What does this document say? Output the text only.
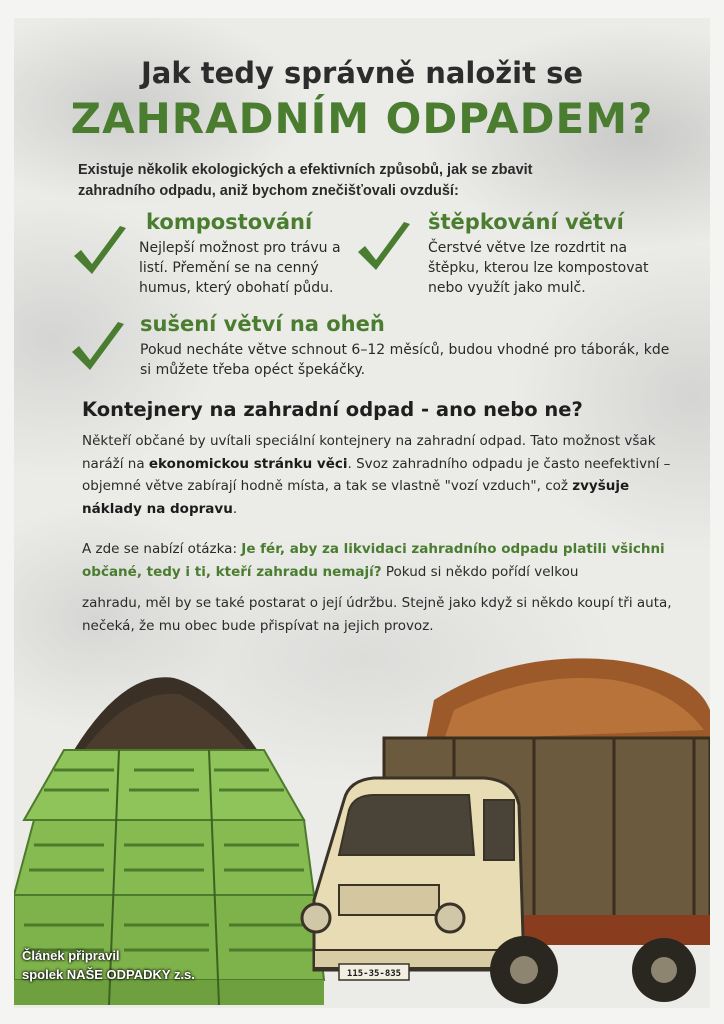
Jak tedy správně naložit se
ZAHRADNÍM ODPADEM?

Existuje několik ekologických a efektivních způsobů, jak se zbavit zahradního odpadu, aniž bychom znečišťovali ovzduší:

kompostování

Nejlepší možnost pro trávu a listí. Přemění se na cenný humus, který obohatí půdu.

štěpkování větví

Čerstvé větve lze rozdrtit na štěpku, kterou lze kompostovat nebo využít jako mulč.

sušení větví na oheň

Pokud necháte větve schnout 6–12 měsíců, budou vhodné pro táborák, kde si můžete třeba opéct špekáčky.

Kontejnery na zahradní odpad - ano nebo ne?

Někteří občané by uvítali speciální kontejnery na zahradní odpad. Tato možnost však naráží na ekonomickou stránku věci. Svoz zahradního odpadu je často neefektivní – objemné větve zabírají hodně místa, a tak se vlastně "vozí vzduch", což zvyšuje náklady na dopravu.

A zde se nabízí otázka: Je fér, aby za likvidaci zahradního odpadu platili všichni občané, tedy i ti, kteří zahradu nemají? Pokud si někdo pořídí velkou

zahradu, měl by se také postarat o její údržbu. Stejně jako když si někdo koupí tři auta, nečeká, že mu obec bude přispívat na jejich provoz.

115-35-835

Článek připravil
spolek NAŠE ODPADKY z.s.
